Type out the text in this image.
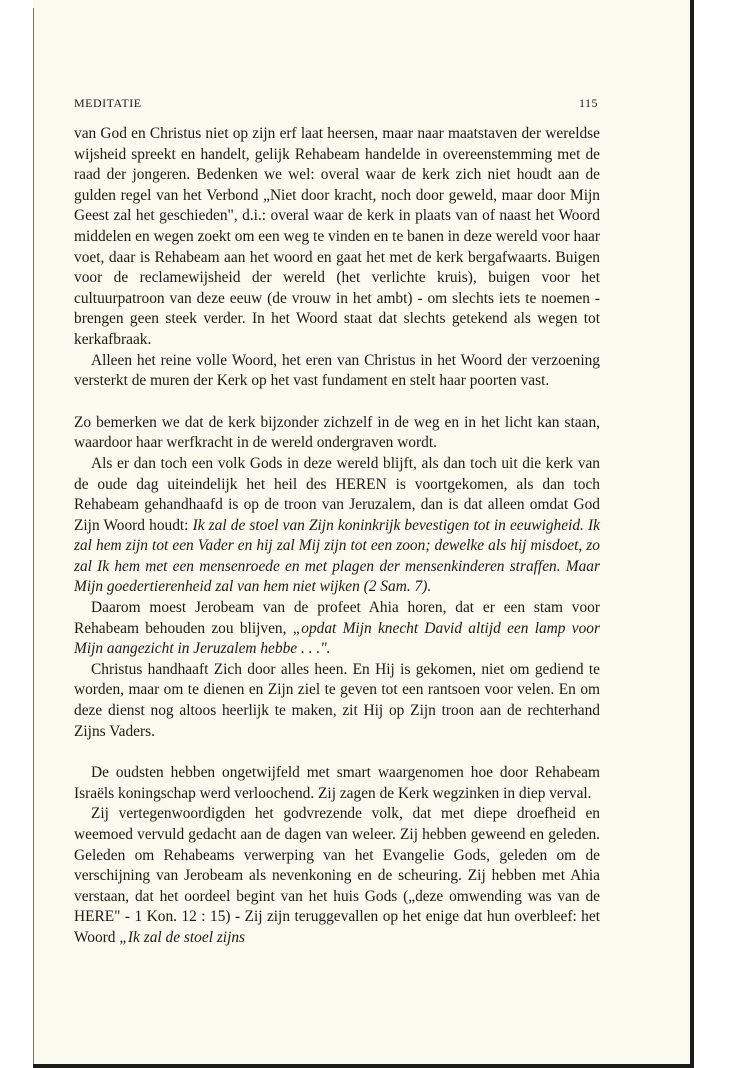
MEDITATIE	115

van God en Christus niet op zijn erf laat heersen, maar naar maatstaven der wereldse wijsheid spreekt en handelt, gelijk Rehabeam handelde in overeenstemming met de raad der jongeren. Bedenken we wel: overal waar de kerk zich niet houdt aan de gulden regel van het Verbond „Niet door kracht, noch door geweld, maar door Mijn Geest zal het geschieden", d.i.: overal waar de kerk in plaats van of naast het Woord middelen en wegen zoekt om een weg te vinden en te banen in deze wereld voor haar voet, daar is Rehabeam aan het woord en gaat het met de kerk bergafwaarts. Buigen voor de reclamewijsheid der wereld (het verlichte kruis), buigen voor het cultuurpatroon van deze eeuw (de vrouw in het ambt) - om slechts iets te noemen - brengen geen steek verder. In het Woord staat dat slechts getekend als wegen tot kerkafbraak.

Alleen het reine volle Woord, het eren van Christus in het Woord der verzoening versterkt de muren der Kerk op het vast fundament en stelt haar poorten vast.

Zo bemerken we dat de kerk bijzonder zichzelf in de weg en in het licht kan staan, waardoor haar werfkracht in de wereld ondergraven wordt.

Als er dan toch een volk Gods in deze wereld blijft, als dan toch uit die kerk van de oude dag uiteindelijk het heil des HEREN is voortgekomen, als dan toch Rehabeam gehandhaafd is op de troon van Jeruzalem, dan is dat alleen omdat God Zijn Woord houdt: Ik zal de stoel van Zijn koninkrijk bevestigen tot in eeuwigheid. Ik zal hem zijn tot een Vader en hij zal Mij zijn tot een zoon; dewelke als hij misdoet, zo zal Ik hem met een mensenroede en met plagen der mensenkinderen straffen. Maar Mijn goedertierenheid zal van hem niet wijken (2 Sam. 7).

Daarom moest Jerobeam van de profeet Ahia horen, dat er een stam voor Rehabeam behouden zou blijven, „opdat Mijn knecht David altijd een lamp voor Mijn aangezicht in Jeruzalem hebbe . . .".

Christus handhaaft Zich door alles heen. En Hij is gekomen, niet om gediend te worden, maar om te dienen en Zijn ziel te geven tot een rantsoen voor velen. En om deze dienst nog altoos heerlijk te maken, zit Hij op Zijn troon aan de rechterhand Zijns Vaders.

De oudsten hebben ongetwijfeld met smart waargenomen hoe door Rehabeam Israëls koningschap werd verloochend. Zij zagen de Kerk wegzinken in diep verval.

Zij vertegenwoordigden het godvrezende volk, dat met diepe droefheid en weemoed vervuld gedacht aan de dagen van weleer. Zij hebben geweend en geleden. Geleden om Rehabeams verwerping van het Evangelie Gods, geleden om de verschijning van Jerobeam als nevenkoning en de scheuring. Zij hebben met Ahia verstaan, dat het oordeel begint van het huis Gods („deze omwending was van de HERE" - 1 Kon. 12 : 15) - Zij zijn teruggevallen op het enige dat hun overbleef: het Woord „Ik zal de stoel zijns
